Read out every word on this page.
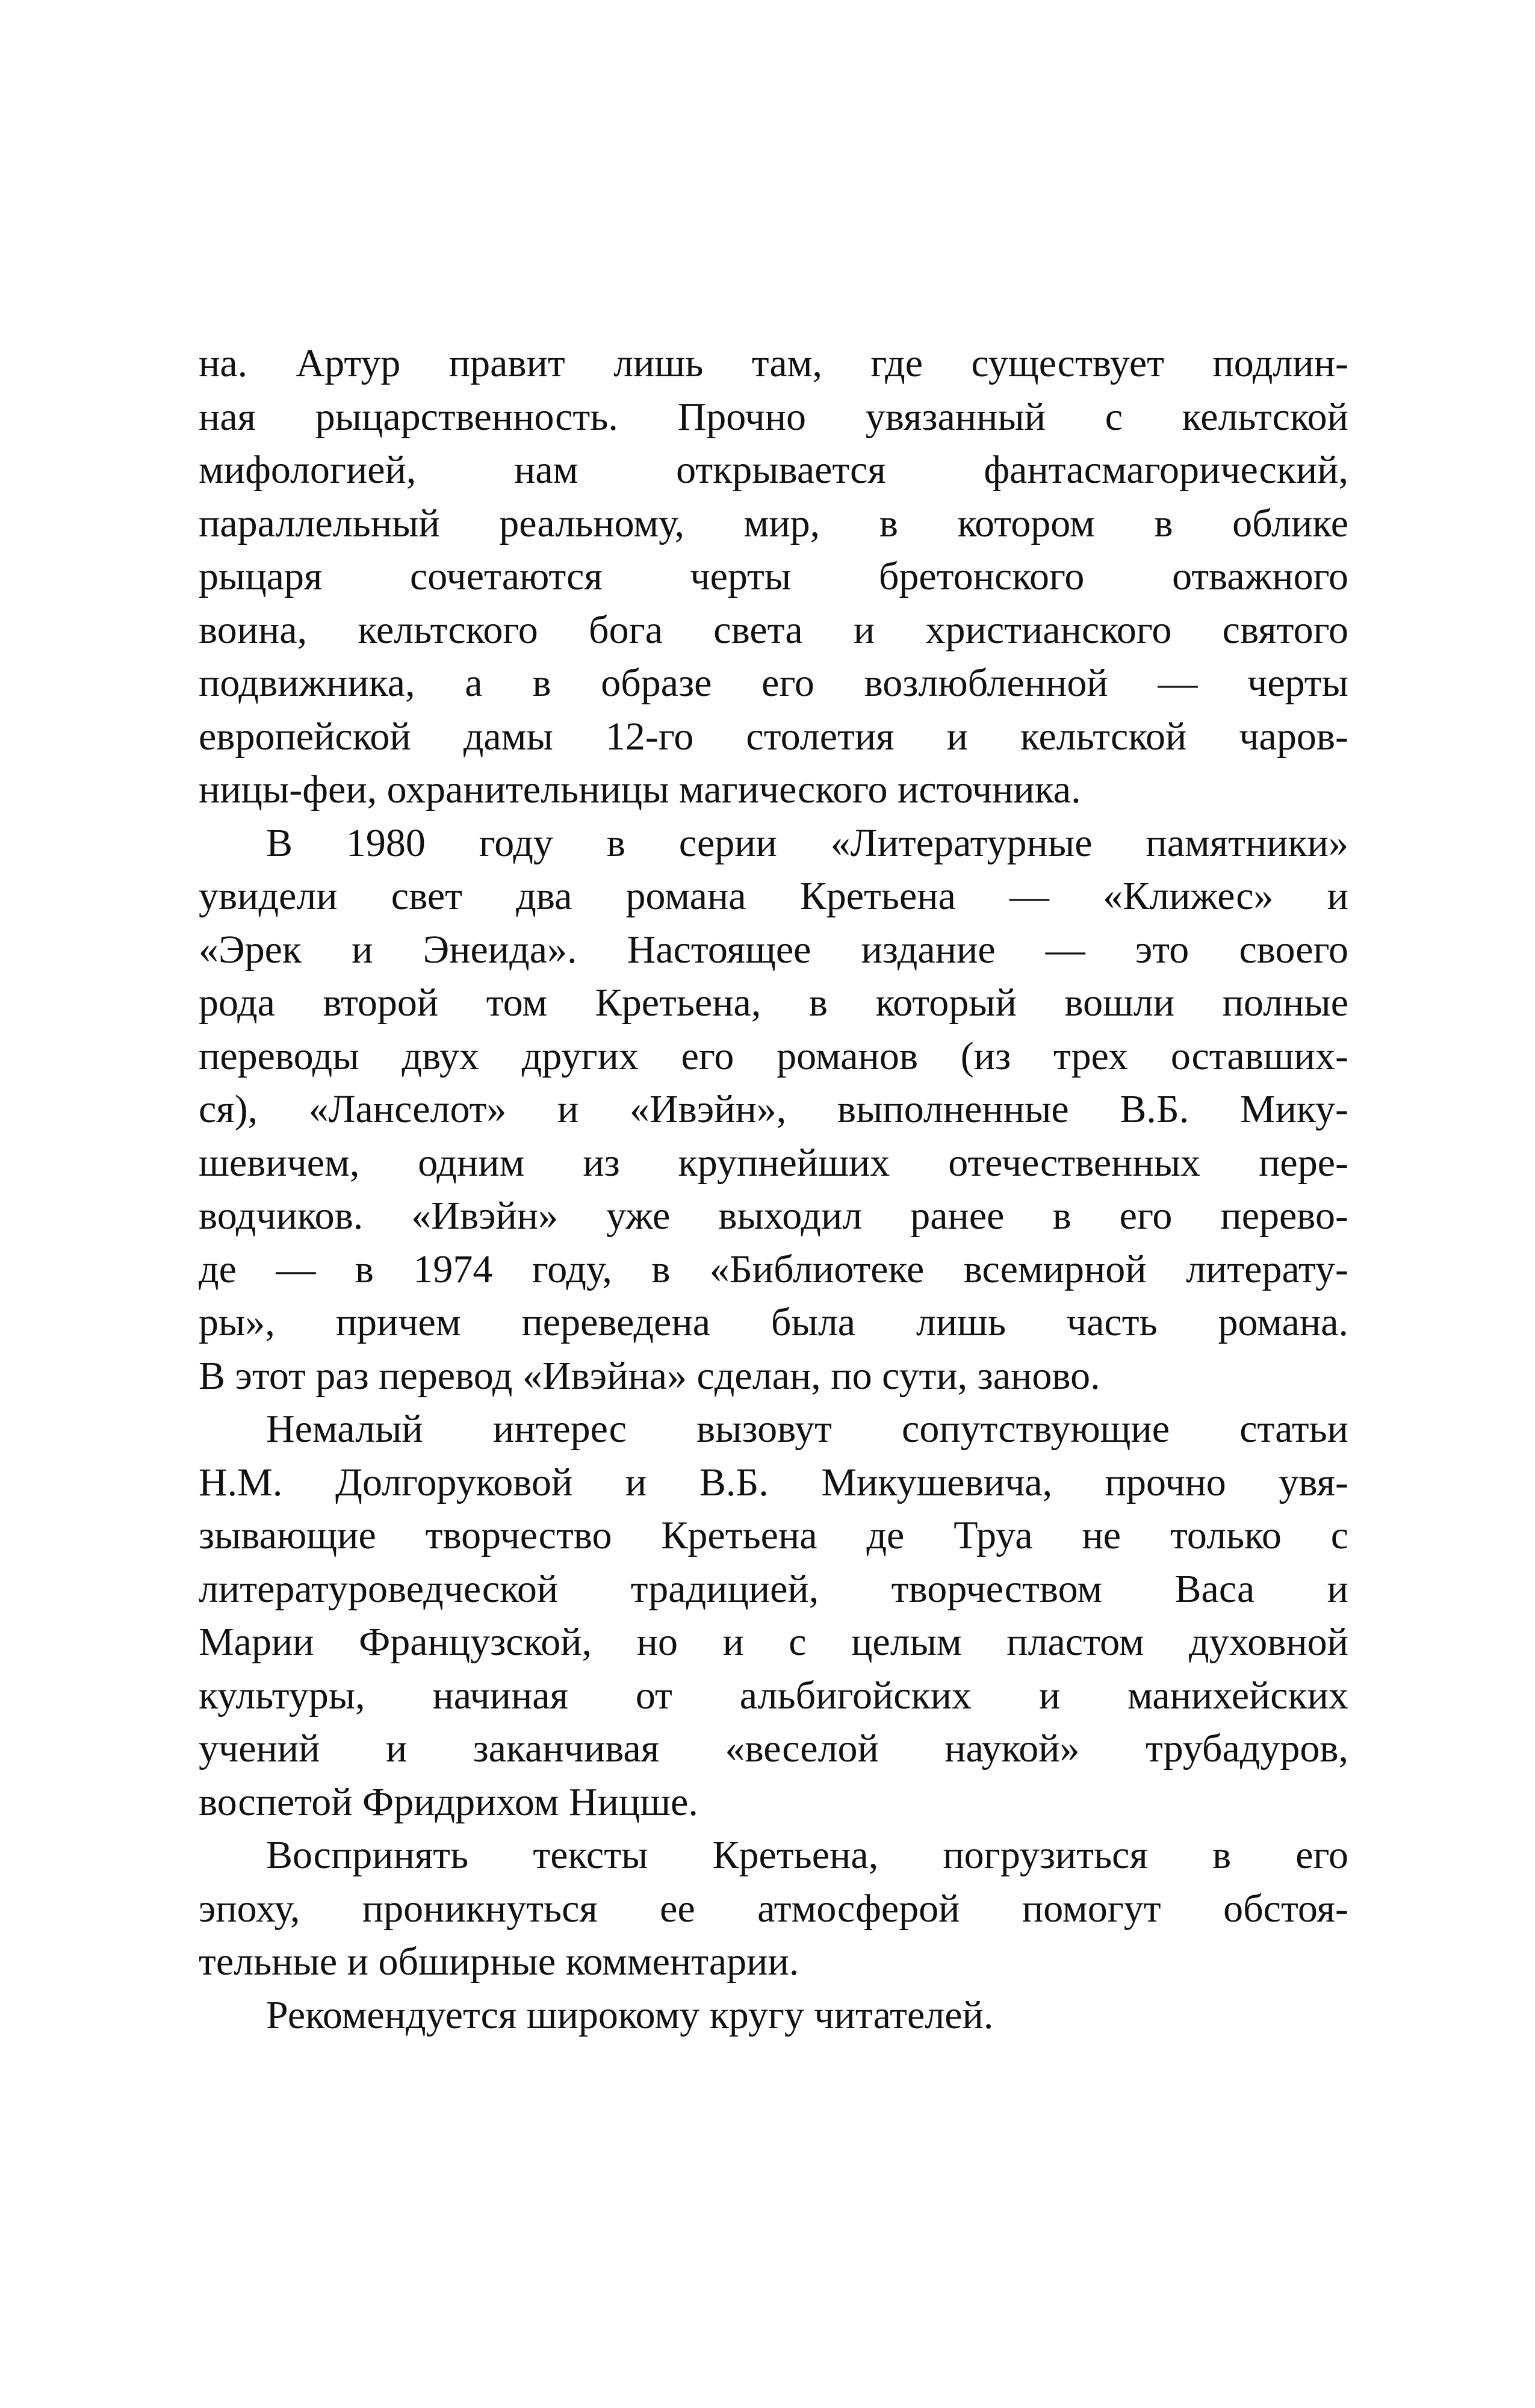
на. Артур правит лишь там, где существует подлин-
ная рыцарственность. Прочно увязанный с кельтской
мифологией, нам открывается фантасмагорический,
параллельный реальному, мир, в котором в облике
рыцаря сочетаются черты бретонского отважного
воина, кельтского бога света и христианского святого
подвижника, а в образе его возлюбленной — черты
европейской дамы 12-го столетия и кельтской чаров-
ницы-феи, охранительницы магического источника.
В 1980 году в серии «Литературные памятники»
увидели свет два романа Кретьена — «Клижес» и
«Эрек и Энеида». Настоящее издание — это своего
рода второй том Кретьена, в который вошли полные
переводы двух других его романов (из трех оставших-
ся), «Ланселот» и «Ивэйн», выполненные В.Б. Мику-
шевичем, одним из крупнейших отечественных пере-
водчиков. «Ивэйн» уже выходил ранее в его перево-
де — в 1974 году, в «Библиотеке всемирной литерату-
ры», причем переведена была лишь часть романа.
В этот раз перевод «Ивэйна» сделан, по сути, заново.
Немалый интерес вызовут сопутствующие статьи
Н.М. Долгоруковой и В.Б. Микушевича, прочно увя-
зывающие творчество Кретьена де Труа не только с
литературоведческой традицией, творчеством Васа и
Марии Французской, но и с целым пластом духовной
культуры, начиная от альбигойских и манихейских
учений и заканчивая «веселой наукой» трубадуров,
воспетой Фридрихом Ницше.
Воспринять тексты Кретьена, погрузиться в его
эпоху, проникнуться ее атмосферой помогут обстоя-
тельные и обширные комментарии.
Рекомендуется широкому кругу читателей.
